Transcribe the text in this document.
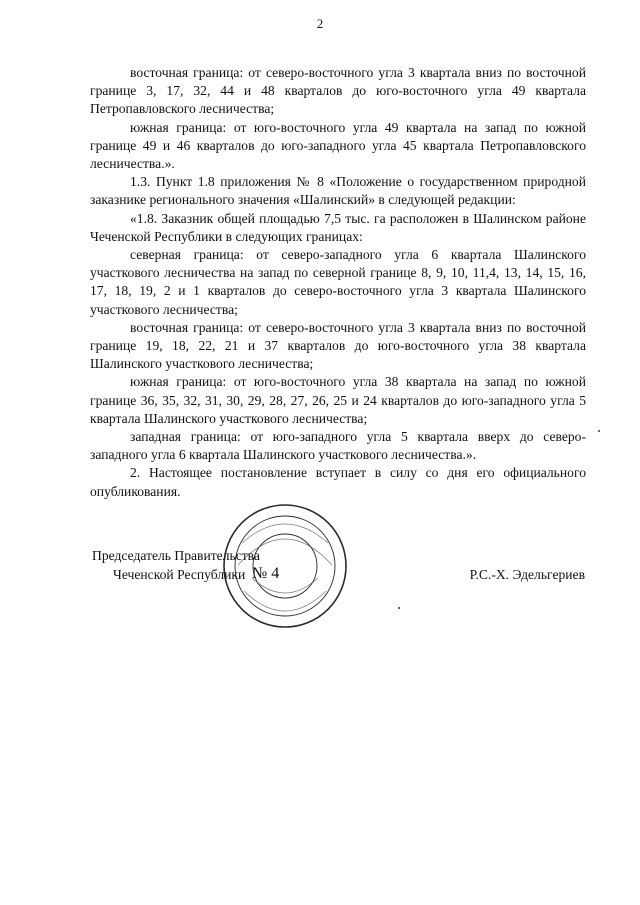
2

восточная граница: от северо-восточного угла 3 квартала вниз по восточной границе 3, 17, 32, 44 и 48 кварталов до юго-восточного угла 49 квартала Петропавловского лесничества;

южная граница: от юго-восточного угла 49 квартала на запад по южной границе 49 и 46 кварталов до юго-западного угла 45 квартала Петропавловского лесничества.».

1.3. Пункт 1.8 приложения № 8 «Положение о государственном природной заказнике регионального значения «Шалинский» в следующей редакции:

«1.8. Заказник общей площадью 7,5 тыс. га расположен в Шалинском районе Чеченской Республики в следующих границах:

северная граница: от северо-западного угла 6 квартала Шалинского участкового лесничества на запад по северной границе 8, 9, 10, 11,4, 13, 14, 15, 16, 17, 18, 19, 2 и 1 кварталов до северо-восточного угла 3 квартала Шалинского участкового лесничества;

восточная граница: от северо-восточного угла 3 квартала вниз по восточной границе 19, 18, 22, 21 и 37 кварталов до юго-восточного угла 38 квартала Шалинского участкового лесничества;

южная граница: от юго-восточного угла 38 квартала на запад по южной границе 36, 35, 32, 31, 30, 29, 28, 27, 26, 25 и 24 кварталов до юго-западного угла 5 квартала Шалинского участкового лесничества;

западная граница: от юго-западного угла 5 квартала вверх до северо-западного угла 6 квартала Шалинского участкового лесничества.».

2. Настоящее постановление вступает в силу со дня его официального опубликования.

Председатель Правительства
Чеченской Республики № 4	Р.С.-Х. Эдельгериев
